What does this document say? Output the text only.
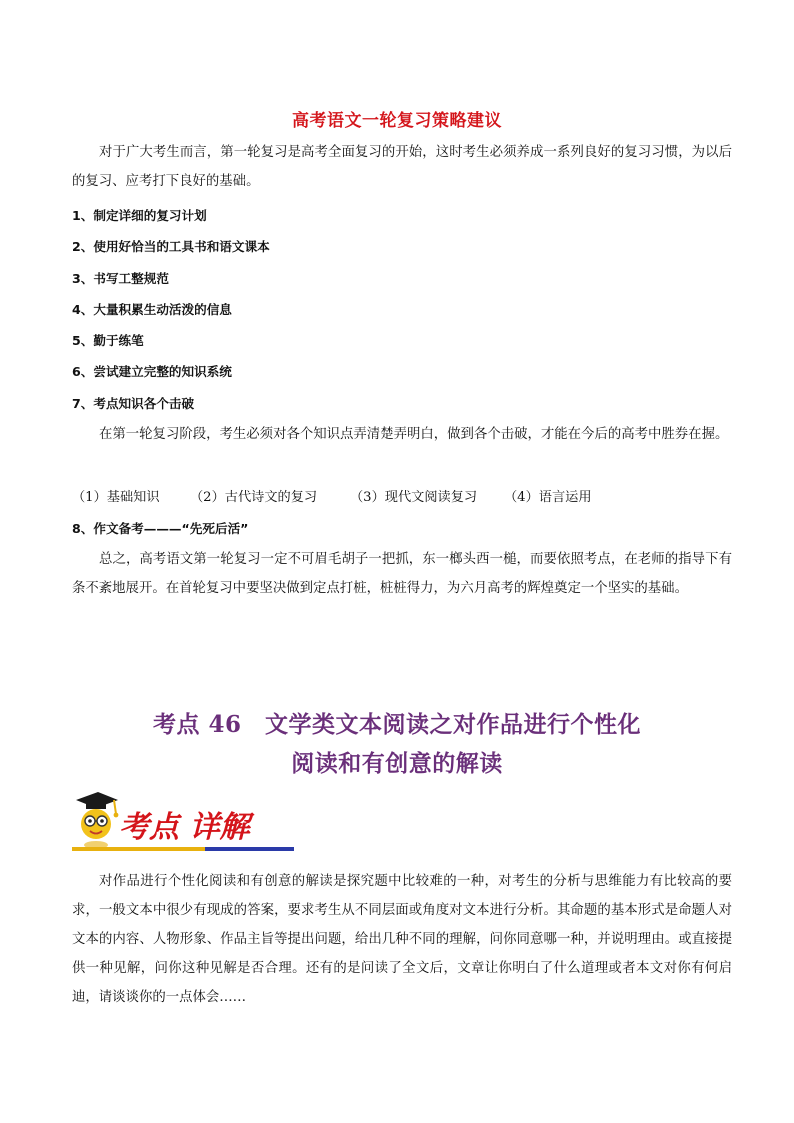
高考语文一轮复习策略建议
对于广大考生而言，第一轮复习是高考全面复习的开始，这时考生必须养成一系列良好的复习习惯，为以后的复习、应考打下良好的基础。
1、制定详细的复习计划
2、使用好恰当的工具书和语文课本
3、书写工整规范
4、大量积累生动活泼的信息
5、勤于练笔
6、尝试建立完整的知识系统
7、考点知识各个击破
在第一轮复习阶段，考生必须对各个知识点弄清楚弄明白，做到各个击破，才能在今后的高考中胜券在握。
（1）基础知识 （2）古代诗文的复习 （3）现代文阅读复习 （4）语言运用
8、作文备考———“先死后活”
总之，高考语文第一轮复习一定不可眉毛胡子一把抓，东一榔头西一槌，而要依照考点，在老师的指导下有条不紊地展开。在首轮复习中要坚决做到定点打桩，桩桩得力，为六月高考的辉煌奠定一个坚实的基础。
考点 46　文学类文本阅读之对作品进行个性化
阅读和有创意的解读
考点 详解
对作品进行个性化阅读和有创意的解读是探究题中比较难的一种，对考生的分析与思维能力有比较高的要求，一般文本中很少有现成的答案，要求考生从不同层面或角度对文本进行分析。其命题的基本形式是命题人对文本的内容、人物形象、作品主旨等提出问题，给出几种不同的理解，问你同意哪一种，并说明理由。或直接提供一种见解，问你这种见解是否合理。还有的是问读了全文后，文章让你明白了什么道理或者本文对你有何启迪，请谈谈你的一点体会……
